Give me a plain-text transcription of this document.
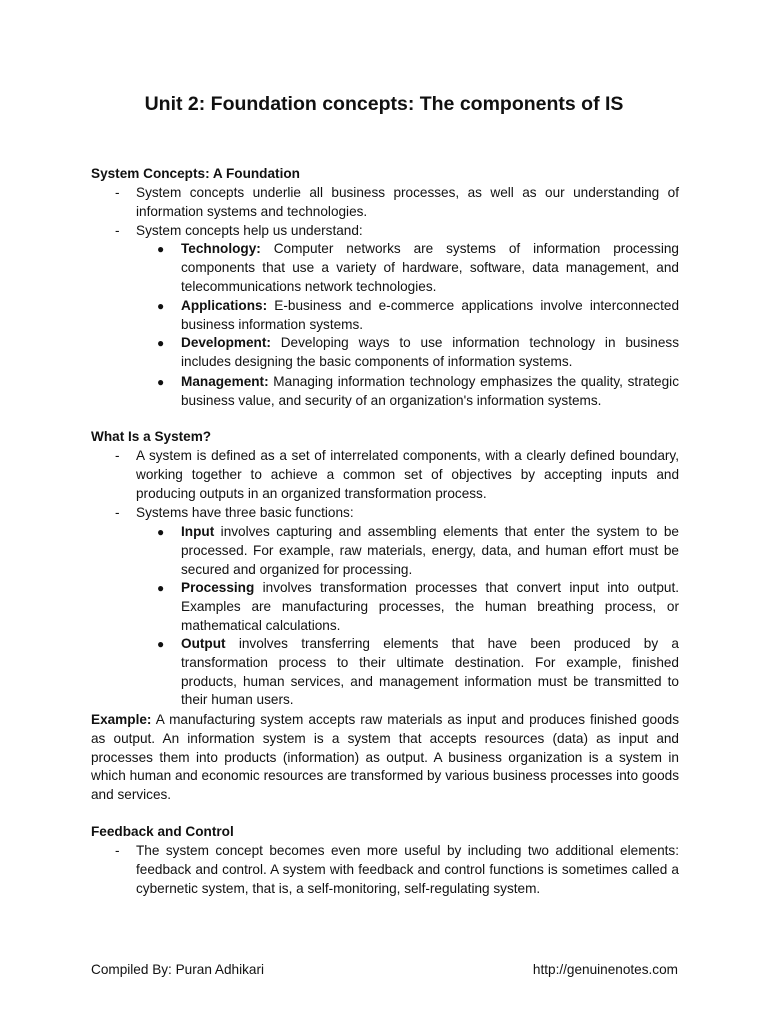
Unit 2: Foundation concepts: The components of IS
System Concepts: A Foundation
- System concepts underlie all business processes, as well as our understanding of information systems and technologies.
- System concepts help us understand:
● Technology: Computer networks are systems of information processing components that use a variety of hardware, software, data management, and telecommunications network technologies.
● Applications: E-business and e-commerce applications involve interconnected business information systems.
● Development: Developing ways to use information technology in business includes designing the basic components of information systems.
● Management: Managing information technology emphasizes the quality, strategic business value, and security of an organization's information systems.
What Is a System?
- A system is defined as a set of interrelated components, with a clearly defined boundary, working together to achieve a common set of objectives by accepting inputs and producing outputs in an organized transformation process.
- Systems have three basic functions:
● Input involves capturing and assembling elements that enter the system to be processed. For example, raw materials, energy, data, and human effort must be secured and organized for processing.
● Processing involves transformation processes that convert input into output. Examples are manufacturing processes, the human breathing process, or mathematical calculations.
● Output involves transferring elements that have been produced by a transformation process to their ultimate destination. For example, finished products, human services, and management information must be transmitted to their human users.
Example: A manufacturing system accepts raw materials as input and produces finished goods as output. An information system is a system that accepts resources (data) as input and processes them into products (information) as output. A business organization is a system in which human and economic resources are transformed by various business processes into goods and services.
Feedback and Control
- The system concept becomes even more useful by including two additional elements: feedback and control. A system with feedback and control functions is sometimes called a cybernetic system, that is, a self-monitoring, self-regulating system.
Compiled By: Puran Adhikari	http://genuinenotes.com
